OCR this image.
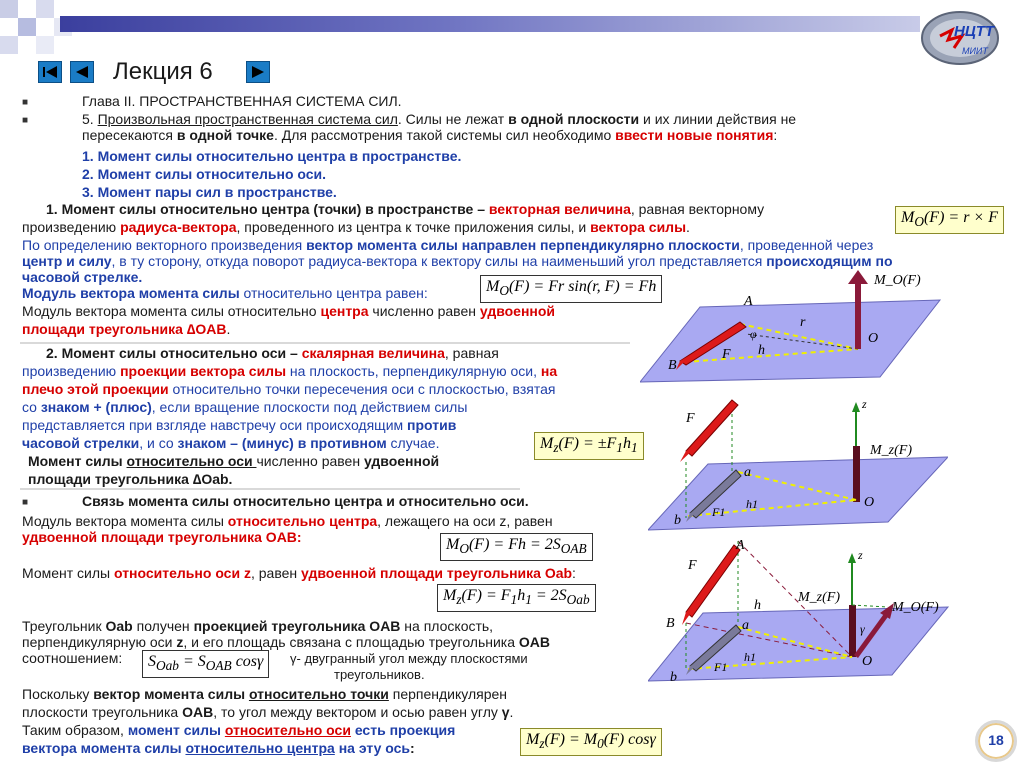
НЦТТ
МИИТ
Лекция 6
■	Глава II. ПРОСТРАНСТВЕННАЯ СИСТЕМА СИЛ.
■	5. Произвольная пространственная система сил. Силы не лежат в одной плоскости и их линии действия не
пересекаются в одной точке. Для рассмотрения такой системы сил необходимо ввести новые понятия:
1. Момент силы относительно центра в пространстве.
2. Момент силы относительно оси.
3. Момент пары сил в пространстве.
1. Момент силы относительно центра (точки) в пространстве – векторная величина, равная векторному
произведению радиуса-вектора, проведенного из центра к точке приложения силы, и вектора силы.
По определению векторного произведения вектор момента силы направлен перпендикулярно плоскости, проведенной через
центр и силу, в ту сторону, откуда поворот радиуса-вектора к вектору силы на наименьший угол представляется происходящим по
часовой стрелке.
Модуль вектора момента силы относительно центра равен:
Модуль вектора момента силы относительно центра численно равен удвоенной
площади треугольника ∆OAB.
2. Момент силы относительно оси – скалярная величина, равная
произведению проекции вектора силы на плоскость, перпендикулярную оси, на
плечо этой проекции относительно точки пересечения оси с плоскостью, взятая
со знаком + (плюс), если вращение плоскости под действием силы
представляется при взгляде навстречу оси происходящим против
часовой стрелки, и со знаком – (минус) в противном случае.
Момент силы относительно оси численно равен удвоенной
площади треугольника ∆Oab.
■	Связь момента силы относительно центра и относительно оси.
Модуль вектора момента силы относительно центра, лежащего на оси z, равен
удвоенной площади треугольника OAB:
Момент силы относительно оси z, равен удвоенной площади треугольника Oab:
Треугольник Oab получен проекцией треугольника OAB на плоскость,
перпендикулярную оси z, и его площадь связана с площадью треугольника OAB
соотношением:	γ- двугранный угол между плоскостями
треугольников.
Поскольку вектор момента силы относительно точки перпендикулярен
плоскости треугольника OAB, то угол между вектором и осью равен углу γ.
Таким образом, момент силы относительно оси есть проекция
вектора момента силы относительно центра на эту ось:
$M_O(F) = r \times F$
$M_O(F) = Fr$ sin(r, F) = Fh
$M_z(F) = \pm F_1h_1$
$M_O(F) = Fh = 2S_{OAB}$
$M_z(F) = F_1h_1 = 2S_{Oab}$
$S_{Oab} = S_{OAB}$ cosγ
$M_z(F) = M_0(F)$ cosγ
A
B
O
r
F h
φ
M_O(F)
z
F
M_z(F)
a
b
O
F1
h1
A
B
F
z
h
M_z(F)
M_O(F)
a
b
O
F1
h1
γ
18
